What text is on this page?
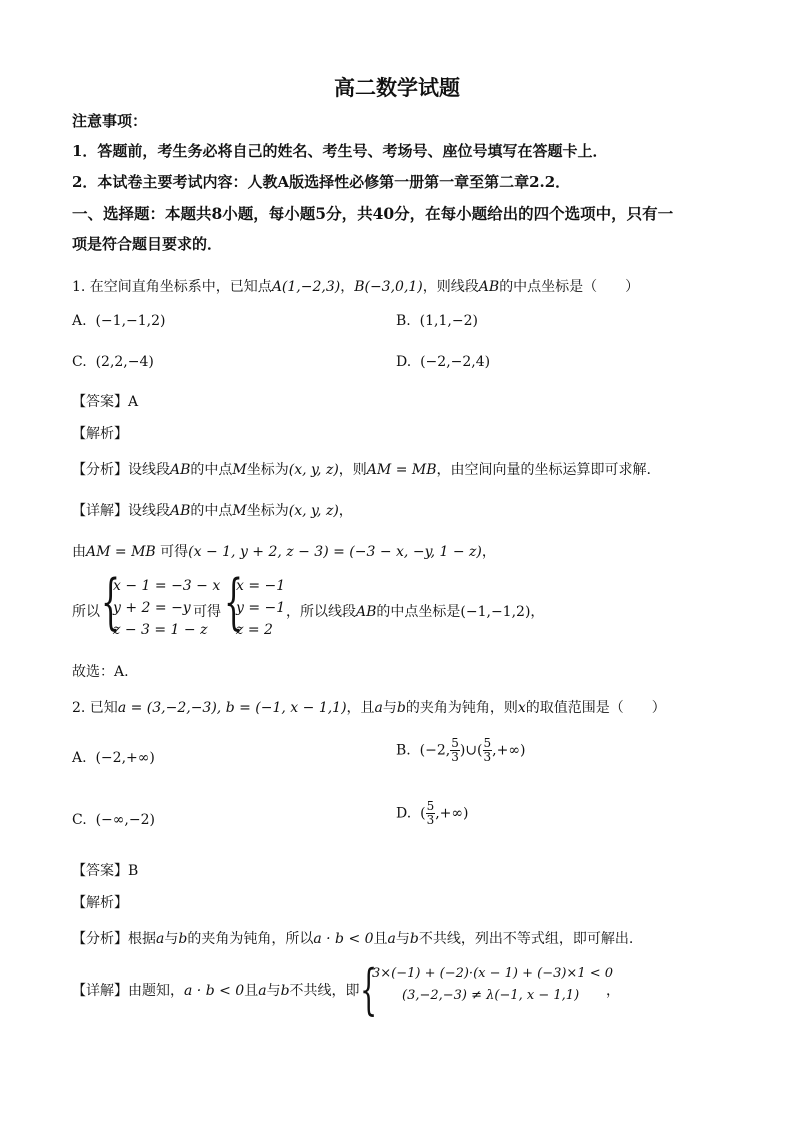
高二数学试题
注意事项：
1．答题前，考生务必将自己的姓名、考生号、考场号、座位号填写在答题卡上．
2．本试卷主要考试内容：人教A版选择性必修第一册第一章至第二章2.2．
一、选择题：本题共8小题，每小题5分，共40分，在每小题给出的四个选项中，只有一
项是符合题目要求的．
1. 在空间直角坐标系中，已知点A(1,−2,3)，B(−3,0,1)，则线段AB的中点坐标是（　　）
A. (−1,−1,2)	B. (1,1,−2)
C. (2,2,−4)	D. (−2,−2,4)
【答案】A
【解析】
【分析】设线段AB的中点M坐标为(x, y, z)，则AM = MB，由空间向量的坐标运算即可求解.
【详解】设线段AB的中点M坐标为(x, y, z)，
由AM = MB 可得(x − 1, y + 2, z − 3) = (−3 − x, −y, 1 − z)，
所以 {
x − 1 = −3 − x
y + 2 = −y
z − 3 = 1 − z
可得 {
x = −1
y = −1
z = 2
，所以线段AB的中点坐标是(−1,−1,2)，
故选：A.
2. 已知a = (3,−2,−3), b = (−1, x − 1,1)，且a与b的夹角为钝角，则x的取值范围是（　　）
A. (−2,+∞)	B. (−2, $\frac{5}{3}$ )∪( $\frac{5}{3}$ ,+∞)
C. (−∞,−2)	D. ( $\frac{5}{3}$ ,+∞)
【答案】B
【解析】
【分析】根据a与b的夹角为钝角，所以a · b < 0且a与b不共线，列出不等式组，即可解出.
【详解】由题知，a · b < 0且a与b不共线，即 {
3×(−1) + (−2)·(x − 1) + (−3)×1 < 0
(3,−2,−3) ≠ λ(−1, x − 1,1)	，
